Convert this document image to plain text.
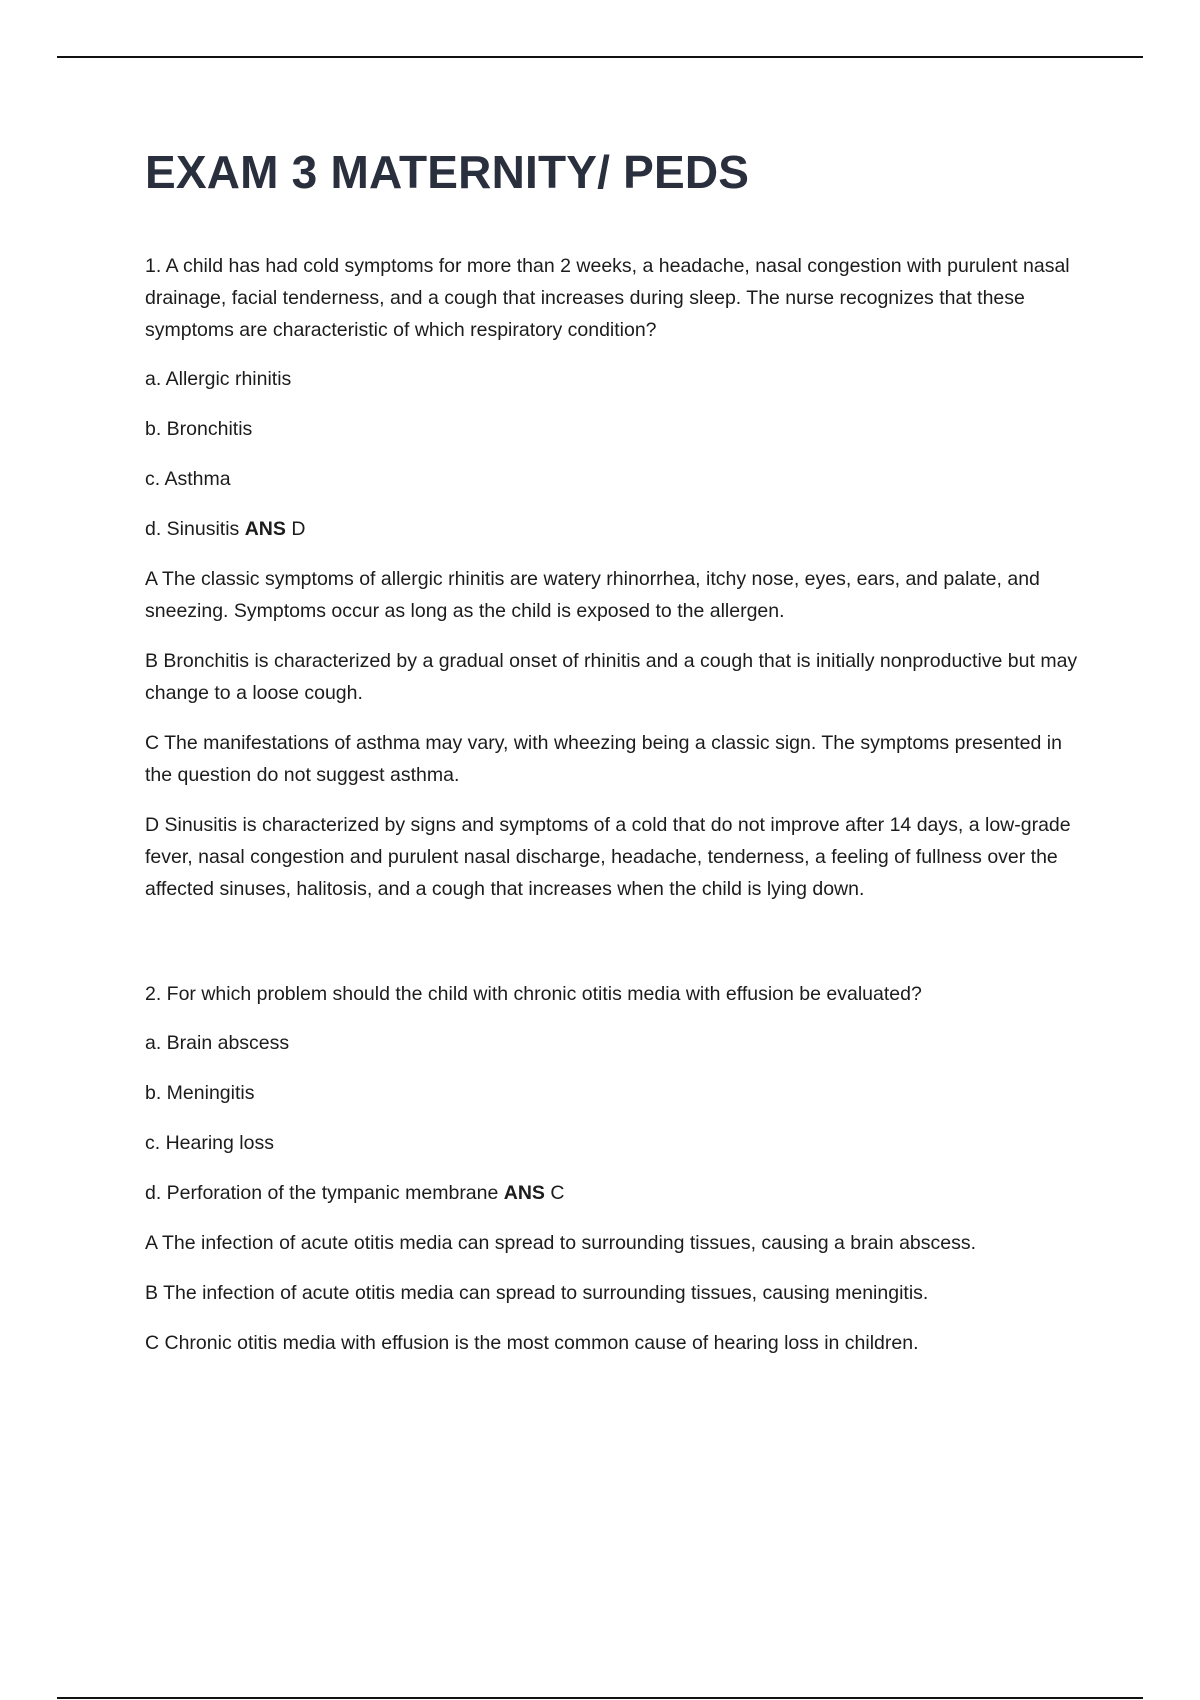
EXAM 3 MATERNITY/ PEDS

1. A child has had cold symptoms for more than 2 weeks, a headache, nasal congestion with purulent nasal drainage, facial tenderness, and a cough that increases during sleep. The nurse recognizes that these symptoms are characteristic of which respiratory condition?

a. Allergic rhinitis

b. Bronchitis

c. Asthma

d. Sinusitis ANS D

A The classic symptoms of allergic rhinitis are watery rhinorrhea, itchy nose, eyes, ears, and palate, and sneezing. Symptoms occur as long as the child is exposed to the allergen.

B Bronchitis is characterized by a gradual onset of rhinitis and a cough that is initially nonproductive but may change to a loose cough.

C The manifestations of asthma may vary, with wheezing being a classic sign. The symptoms presented in the question do not suggest asthma.

D Sinusitis is characterized by signs and symptoms of a cold that do not improve after 14 days, a low-grade fever, nasal congestion and purulent nasal discharge, headache, tenderness, a feeling of fullness over the affected sinuses, halitosis, and a cough that increases when the child is lying down.

2. For which problem should the child with chronic otitis media with effusion be evaluated?

a. Brain abscess

b. Meningitis

c. Hearing loss

d. Perforation of the tympanic membrane ANS C

A The infection of acute otitis media can spread to surrounding tissues, causing a brain abscess.

B The infection of acute otitis media can spread to surrounding tissues, causing meningitis.

C Chronic otitis media with effusion is the most common cause of hearing loss in children.
